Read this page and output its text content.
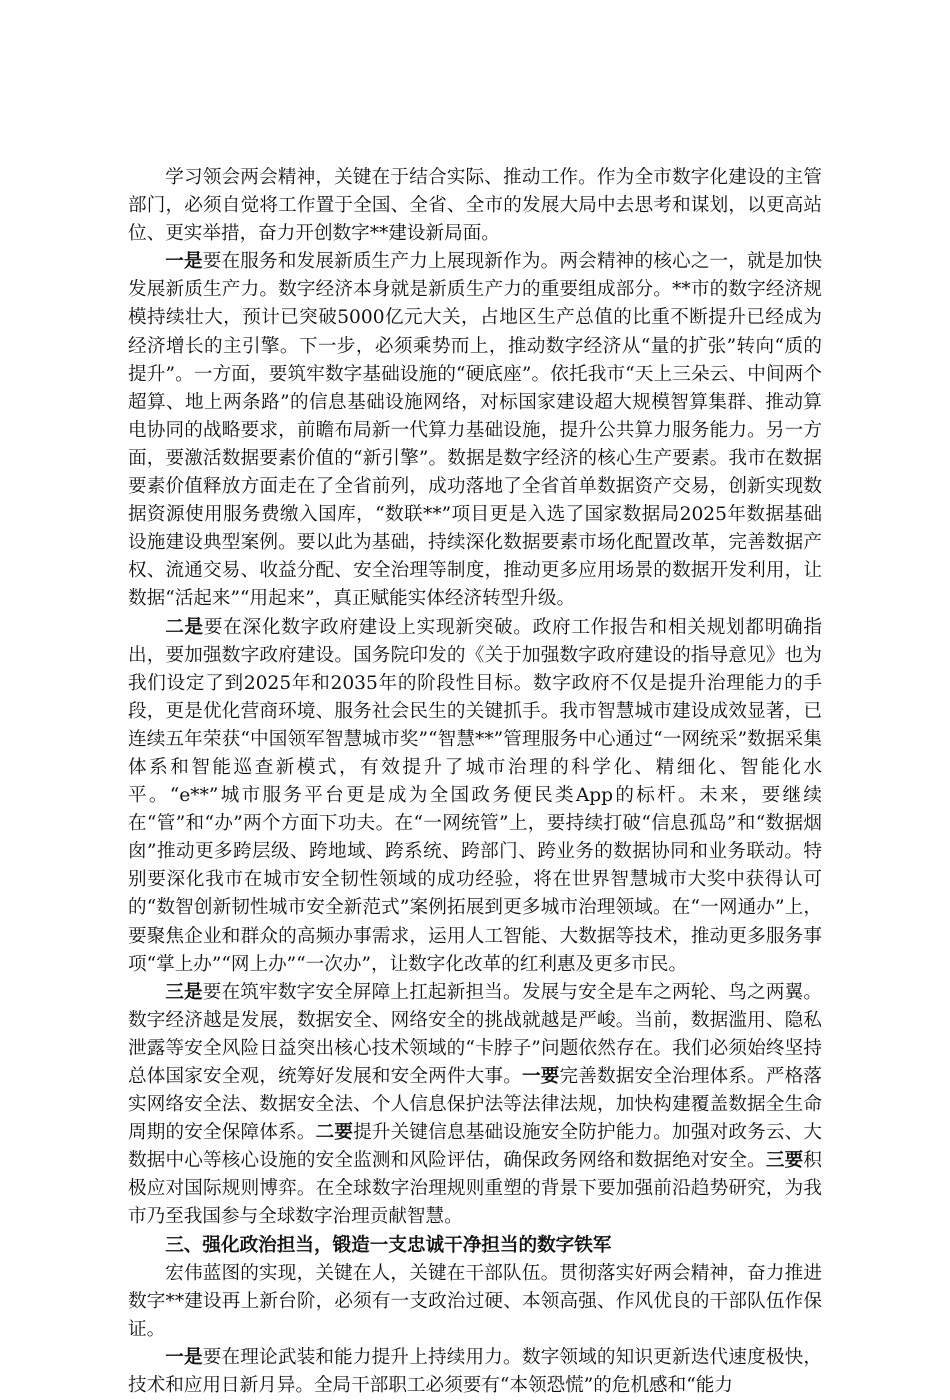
学习领会两会精神，关键在于结合实际、推动工作。作为全市数字化建设的主管部门，必须自觉将工作置于全国、全省、全市的发展大局中去思考和谋划，以更高站位、更实举措，奋力开创数字**建设新局面。

一是要在服务和发展新质生产力上展现新作为。两会精神的核心之一，就是加快发展新质生产力。数字经济本身就是新质生产力的重要组成部分。**市的数字经济规模持续壮大，预计已突破5000亿元大关，占地区生产总值的比重不断提升已经成为经济增长的主引擎。下一步，必须乘势而上，推动数字经济从“量的扩张”转向“质的提升”。一方面，要筑牢数字基础设施的“硬底座”。依托我市“天上三朵云、中间两个超算、地上两条路”的信息基础设施网络，对标国家建设超大规模智算集群、推动算电协同的战略要求，前瞻布局新一代算力基础设施，提升公共算力服务能力。另一方面，要激活数据要素价值的“新引擎”。数据是数字经济的核心生产要素。我市在数据要素价值释放方面走在了全省前列，成功落地了全省首单数据资产交易，创新实现数据资源使用服务费缴入国库，“数联**”项目更是入选了国家数据局2025年数据基础设施建设典型案例。要以此为基础，持续深化数据要素市场化配置改革，完善数据产权、流通交易、收益分配、安全治理等制度，推动更多应用场景的数据开发利用，让数据“活起来”“用起来”，真正赋能实体经济转型升级。

二是要在深化数字政府建设上实现新突破。政府工作报告和相关规划都明确指出，要加强数字政府建设。国务院印发的《关于加强数字政府建设的指导意见》也为我们设定了到2025年和2035年的阶段性目标。数字政府不仅是提升治理能力的手段，更是优化营商环境、服务社会民生的关键抓手。我市智慧城市建设成效显著，已连续五年荣获“中国领军智慧城市奖”“智慧**”管理服务中心通过“一网统采”数据采集体系和智能巡查新模式，有效提升了城市治理的科学化、精细化、智能化水平。“e**”城市服务平台更是成为全国政务便民类App的标杆。未来，要继续在“管”和“办”两个方面下功夫。在“一网统管”上，要持续打破“信息孤岛”和“数据烟囱”推动更多跨层级、跨地域、跨系统、跨部门、跨业务的数据协同和业务联动。特别要深化我市在城市安全韧性领域的成功经验，将在世界智慧城市大奖中获得认可的“数智创新韧性城市安全新范式”案例拓展到更多城市治理领域。在“一网通办”上，要聚焦企业和群众的高频办事需求，运用人工智能、大数据等技术，推动更多服务事项“掌上办”“网上办”“一次办”，让数字化改革的红利惠及更多市民。

三是要在筑牢数字安全屏障上扛起新担当。发展与安全是车之两轮、鸟之两翼。数字经济越是发展，数据安全、网络安全的挑战就越是严峻。当前，数据滥用、隐私泄露等安全风险日益突出核心技术领域的“卡脖子”问题依然存在。我们必须始终坚持总体国家安全观，统筹好发展和安全两件大事。一要完善数据安全治理体系。严格落实网络安全法、数据安全法、个人信息保护法等法律法规，加快构建覆盖数据全生命周期的安全保障体系。二要提升关键信息基础设施安全防护能力。加强对政务云、大数据中心等核心设施的安全监测和风险评估，确保政务网络和数据绝对安全。三要积极应对国际规则博弈。在全球数字治理规则重塑的背景下要加强前沿趋势研究，为我市乃至我国参与全球数字治理贡献智慧。

三、强化政治担当，锻造一支忠诚干净担当的数字铁军

宏伟蓝图的实现，关键在人，关键在干部队伍。贯彻落实好两会精神，奋力推进数字**建设再上新台阶，必须有一支政治过硬、本领高强、作风优良的干部队伍作保证。

一是要在理论武装和能力提升上持续用力。数字领域的知识更新迭代速度极快，技术和应用日新月异。全局干部职工必须要有“本领恐慌”的危机感和“能力
